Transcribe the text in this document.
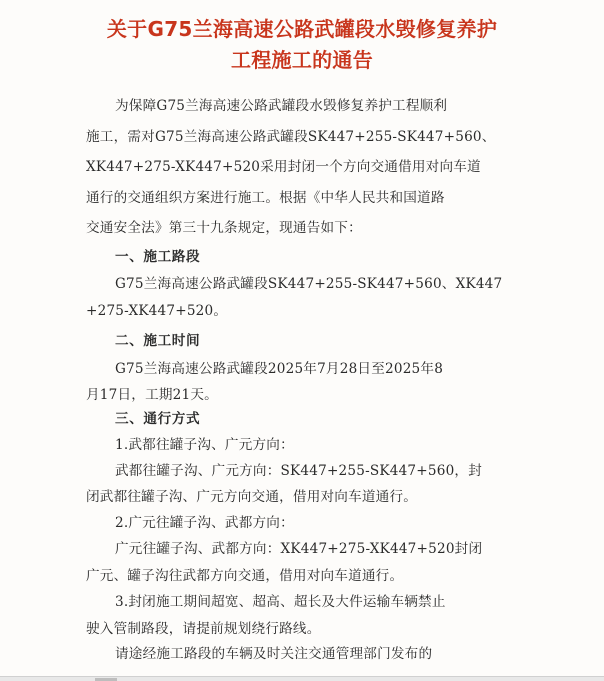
关于G75兰海高速公路武罐段水毁修复养护
工程施工的通告
为保障G75兰海高速公路武罐段水毁修复养护工程顺利
施工，需对G75兰海高速公路武罐段SK447+255-SK447+560、
XK447+275-XK447+520采用封闭一个方向交通借用对向车道
通行的交通组织方案进行施工。根据《中华人民共和国道路
交通安全法》第三十九条规定，现通告如下：
一、施工路段
G75兰海高速公路武罐段SK447+255-SK447+560、XK447
+275-XK447+520。
二、施工时间
G75兰海高速公路武罐段2025年7月28日至2025年8
月17日，工期21天。
三、通行方式
1.武都往罐子沟、广元方向：
武都往罐子沟、广元方向：SK447+255-SK447+560，封
闭武都往罐子沟、广元方向交通，借用对向车道通行。
2.广元往罐子沟、武都方向：
广元往罐子沟、武都方向：XK447+275-XK447+520封闭
广元、罐子沟往武都方向交通，借用对向车道通行。
3.封闭施工期间超宽、超高、超长及大件运输车辆禁止
驶入管制路段，请提前规划绕行路线。
请途经施工路段的车辆及时关注交通管理部门发布的
